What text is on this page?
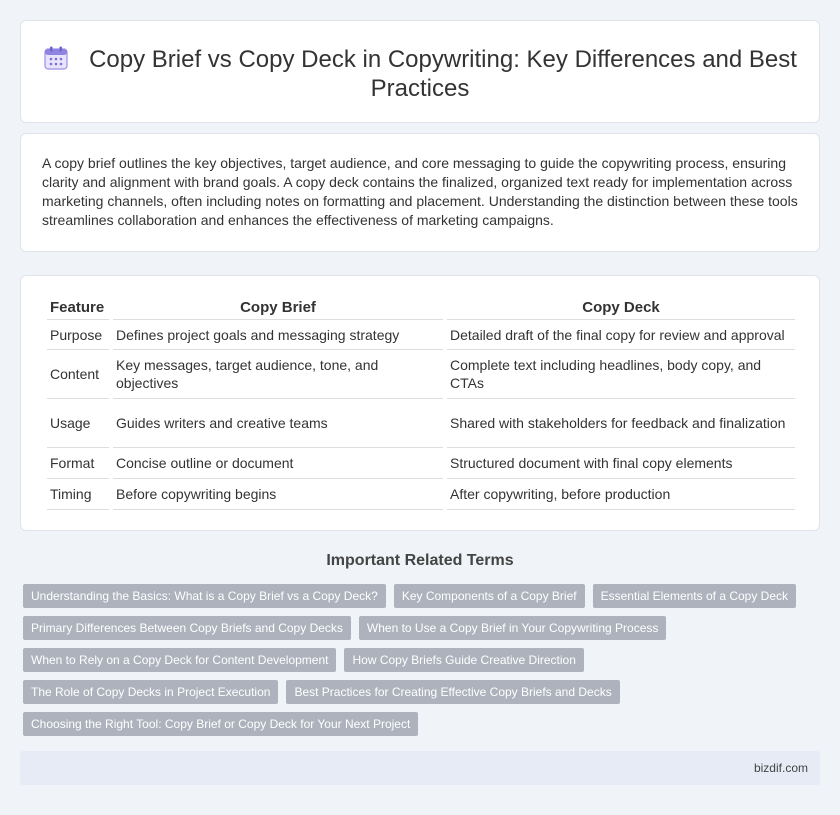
Copy Brief vs Copy Deck in Copywriting: Key Differences and Best Practices

A copy brief outlines the key objectives, target audience, and core messaging to guide the copywriting process, ensuring clarity and alignment with brand goals. A copy deck contains the finalized, organized text ready for implementation across marketing channels, often including notes on formatting and placement. Understanding the distinction between these tools streamlines collaboration and enhances the effectiveness of marketing campaigns.

Feature	Copy Brief	Copy Deck
Purpose	Defines project goals and messaging strategy	Detailed draft of the final copy for review and approval
Content	Key messages, target audience, tone, and objectives	Complete text including headlines, body copy, and CTAs
Usage	Guides writers and creative teams	Shared with stakeholders for feedback and finalization
Format	Concise outline or document	Structured document with final copy elements
Timing	Before copywriting begins	After copywriting, before production
Important Related Terms
Understanding the Basics: What is a Copy Brief vs a Copy Deck?	Key Components of a Copy Brief	Essential Elements of a Copy Deck
Primary Differences Between Copy Briefs and Copy Decks	When to Use a Copy Brief in Your Copywriting Process
When to Rely on a Copy Deck for Content Development	How Copy Briefs Guide Creative Direction
The Role of Copy Decks in Project Execution	Best Practices for Creating Effective Copy Briefs and Decks
Choosing the Right Tool: Copy Brief or Copy Deck for Your Next Project
bizdif.com
